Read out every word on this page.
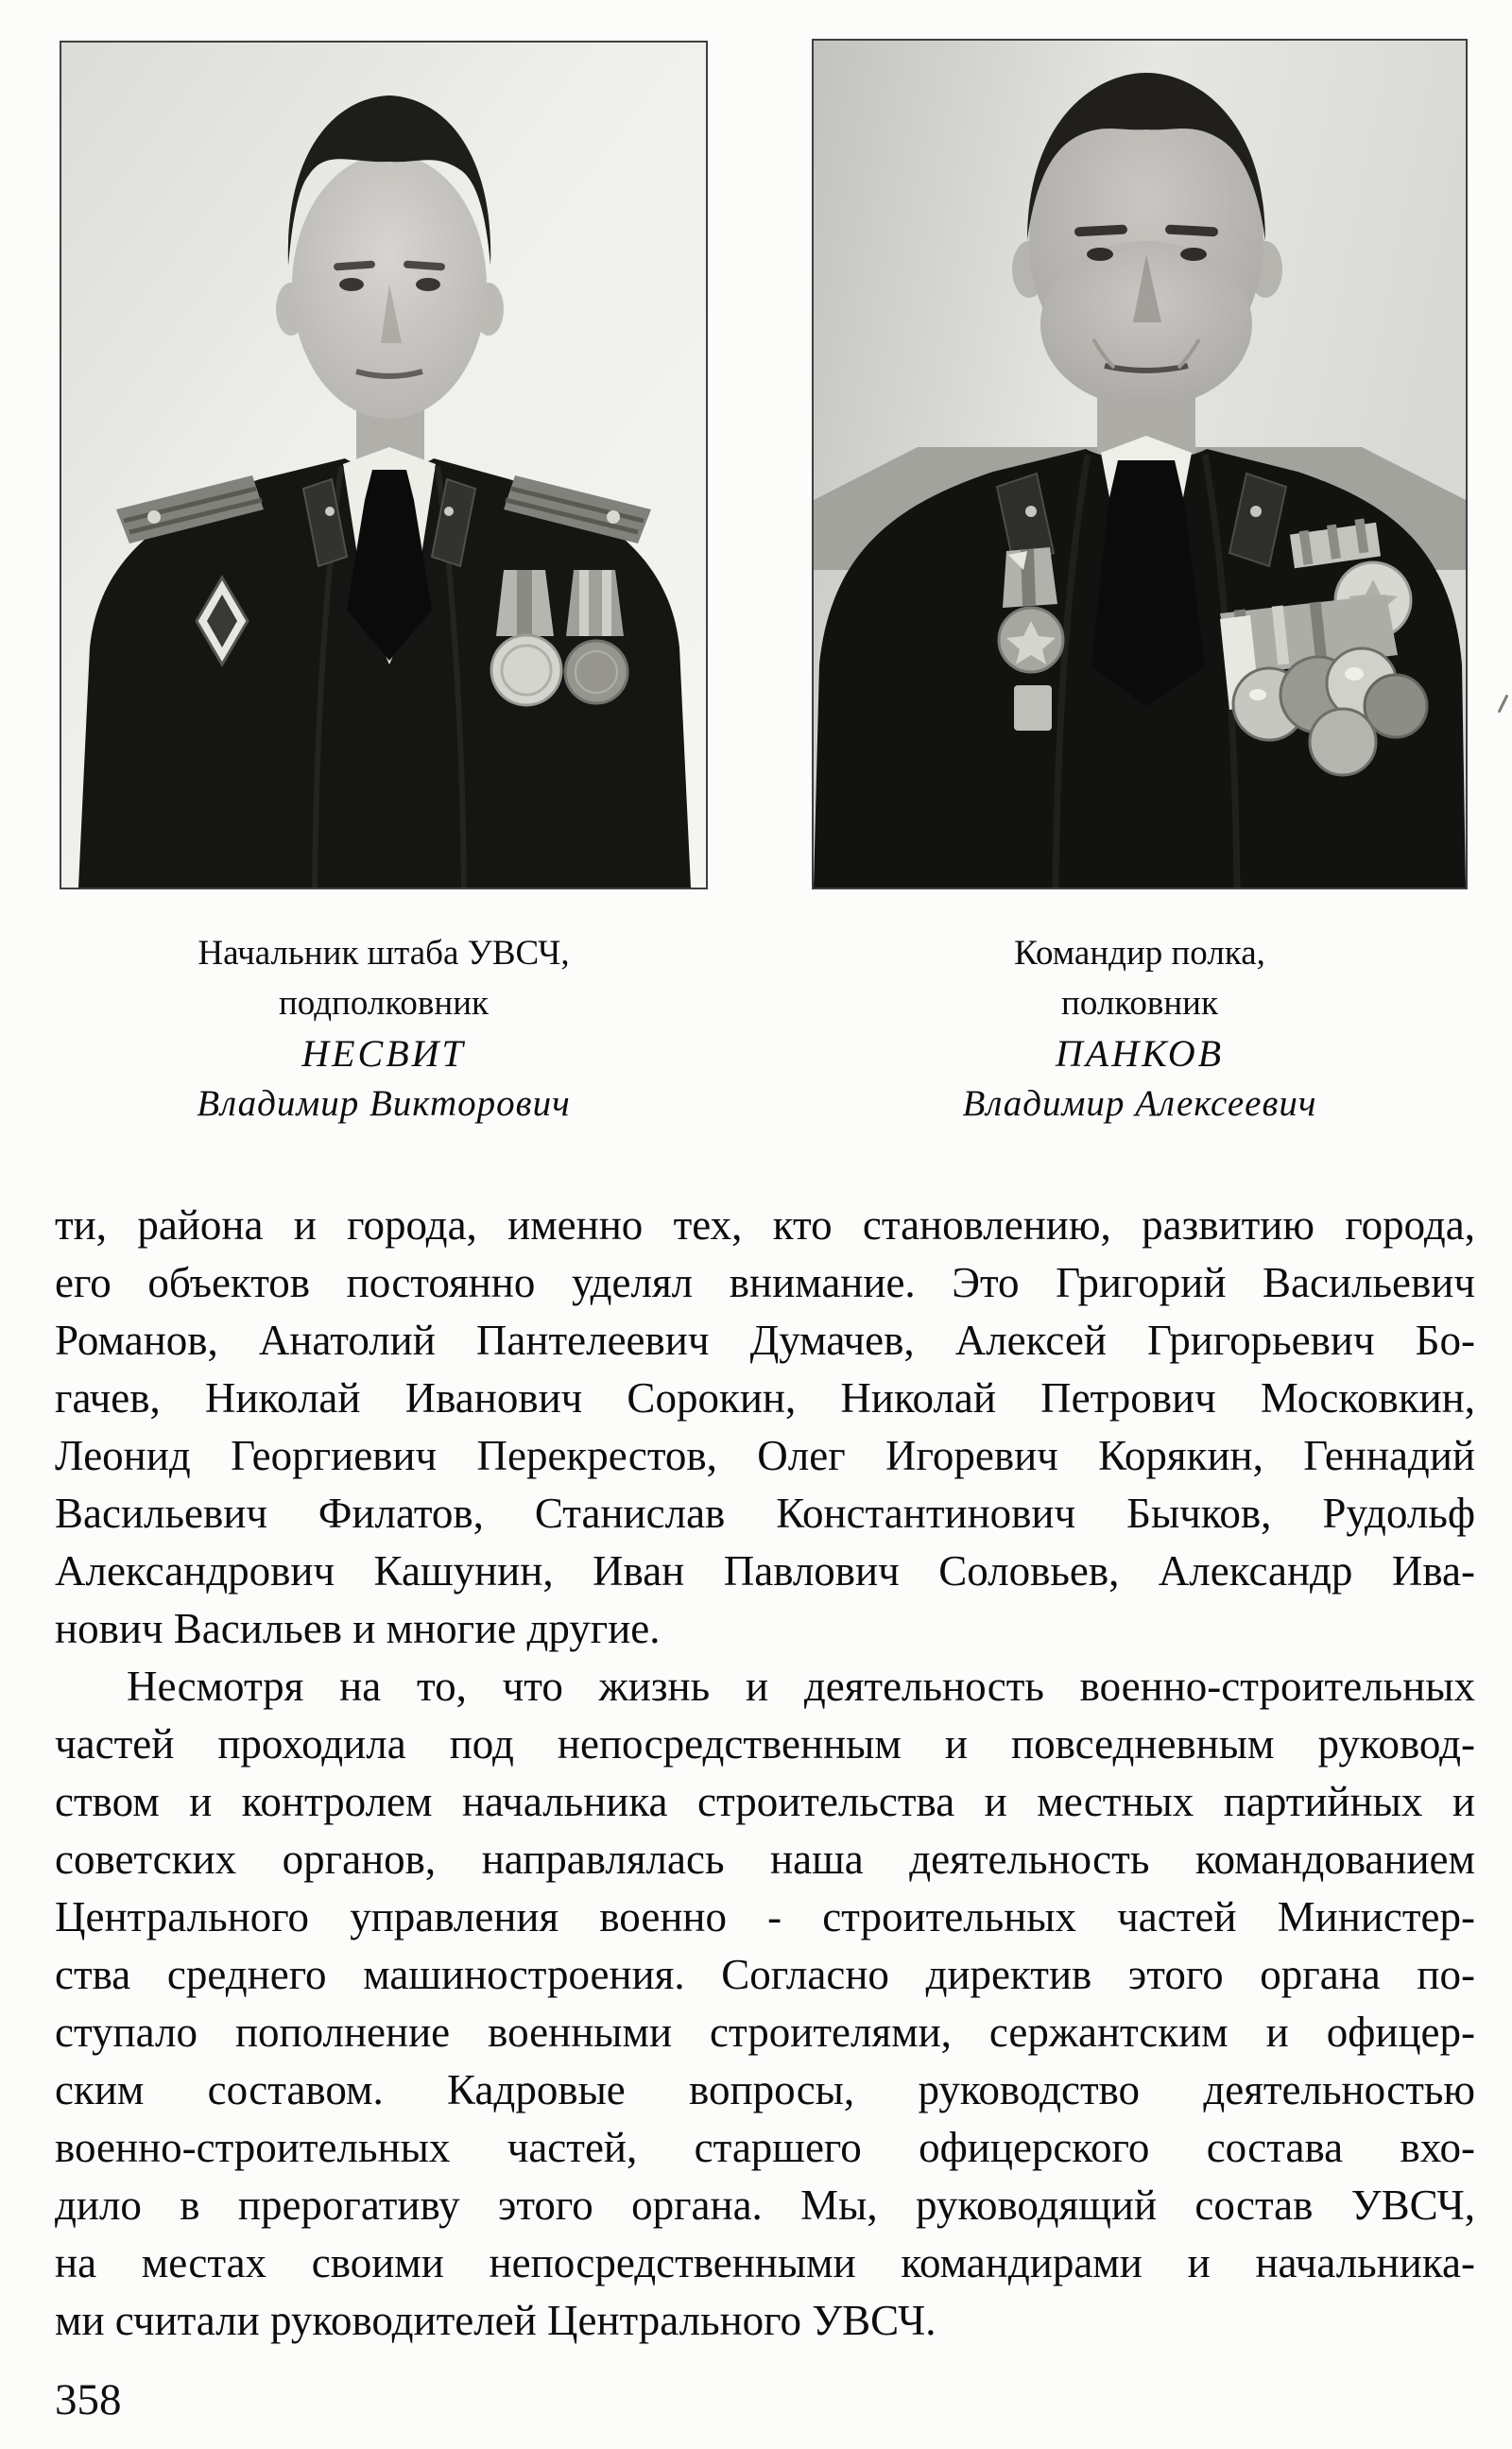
Начальник штаба УВСЧ,
подполковник
НЕСВИТ
Владимир Викторович
Командир полка,
полковник
ПАНКОВ
Владимир Алексеевич
ти, района и города, именно тех, кто становлению, развитию города,
его объектов постоянно уделял внимание. Это Григорий Васильевич
Романов, Анатолий Пантелеевич Думачев, Алексей Григорьевич Бо-
гачев, Николай Иванович Сорокин, Николай Петрович Московкин,
Леонид Георгиевич Перекрестов, Олег Игоревич Корякин, Геннадий
Васильевич Филатов, Станислав Константинович Бычков, Рудольф
Александрович Кашунин, Иван Павлович Соловьев, Александр Ива-
нович Васильев и многие другие.
Несмотря на то, что жизнь и деятельность военно-строительных
частей проходила под непосредственным и повседневным руковод-
ством и контролем начальника строительства и местных партийных и
советских органов, направлялась наша деятельность командованием
Центрального управления военно - строительных частей Министер-
ства среднего машиностроения. Согласно директив этого органа по-
ступало пополнение военными строителями, сержантским и офицер-
ским составом. Кадровые вопросы, руководство деятельностью
военно-строительных частей, старшего офицерского состава вхо-
дило в прерогативу этого органа. Мы, руководящий состав УВСЧ,
на местах своими непосредственными командирами и начальника-
ми считали руководителей Центрального УВСЧ.
358
